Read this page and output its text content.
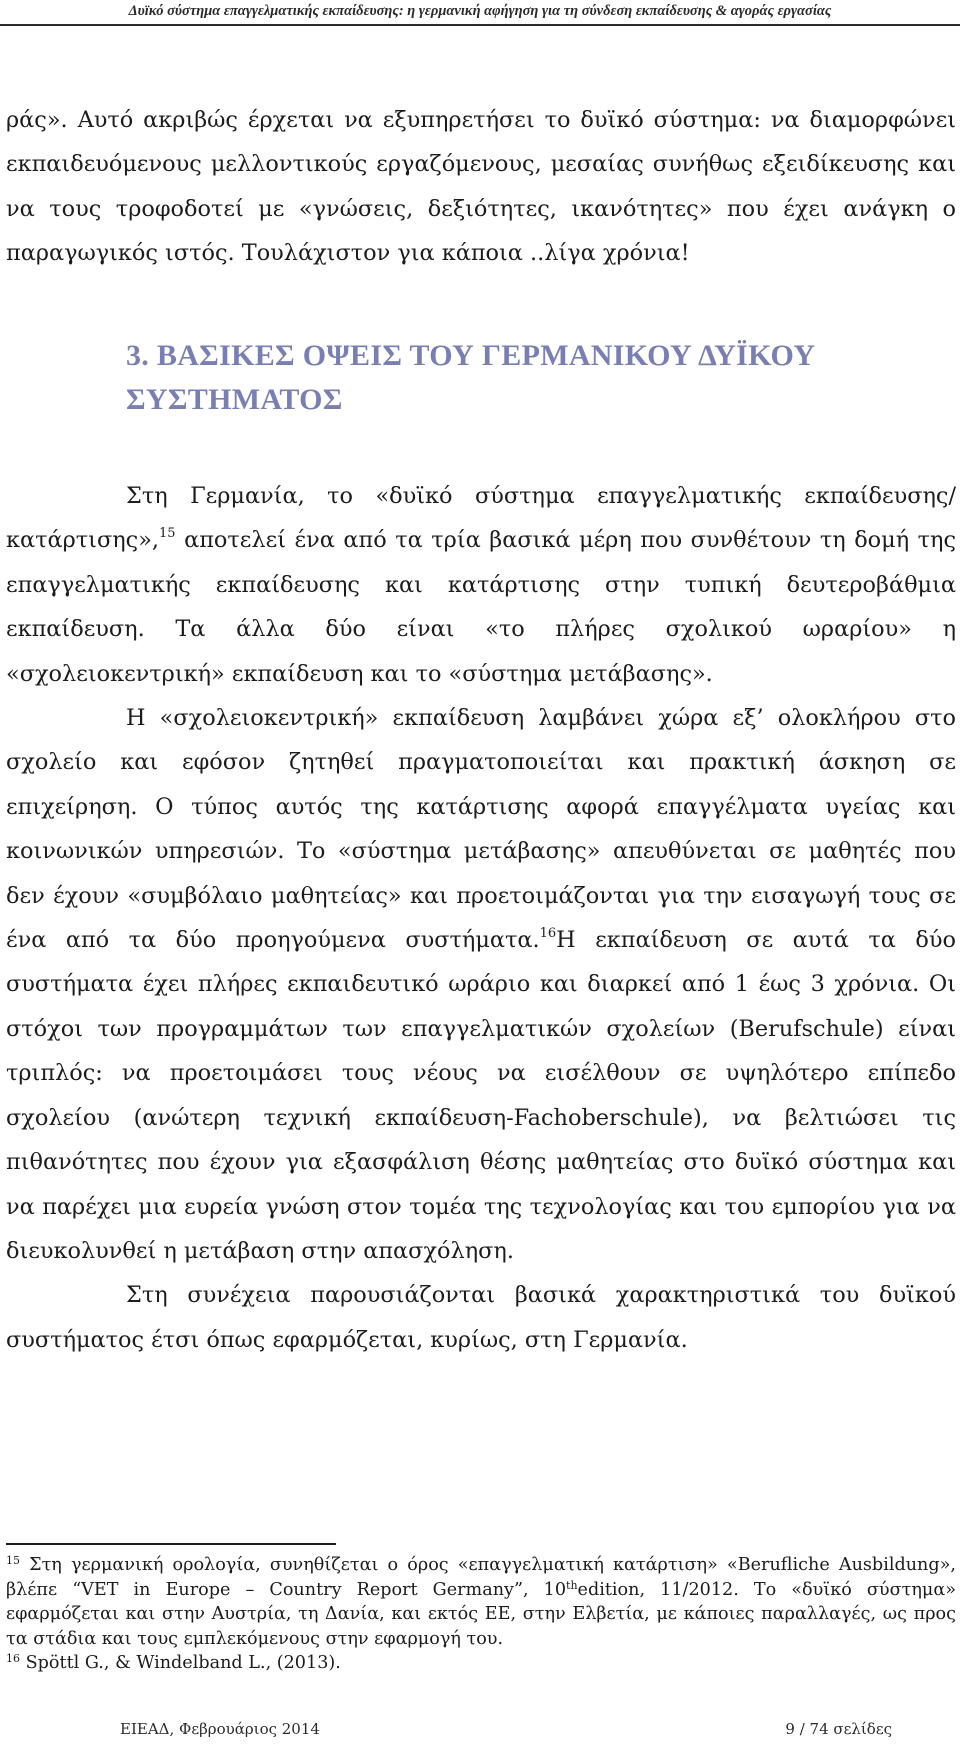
Δυϊκό σύστημα επαγγελματικής εκπαίδευσης: η γερμανική αφήγηση για τη σύνδεση εκπαίδευσης & αγοράς εργασίας

ράς». Αυτό ακριβώς έρχεται να εξυπηρετήσει το δυϊκό σύστημα: να διαμορφώνει εκπαιδευόμενους μελλοντικούς εργαζόμενους, μεσαίας συνήθως εξειδίκευσης και να τους τροφοδοτεί με «γνώσεις, δεξιότητες, ικανότητες» που έχει ανάγκη ο παραγωγικός ιστός. Τουλάχιστον για κάποια ..λίγα χρόνια!

3. ΒΑΣΙΚΕΣ ΟΨΕΙΣ ΤΟΥ ΓΕΡΜΑΝΙΚΟΥ ΔΥΪΚΟΥ ΣΥΣΤΗΜΑΤΟΣ

Στη Γερμανία, το «δυϊκό σύστημα επαγγελματικής εκπαίδευσης/ κατάρτισης»,$^{15}$ αποτελεί ένα από τα τρία βασικά μέρη που συνθέτουν τη δομή της επαγγελματικής εκπαίδευσης και κατάρτισης στην τυπική δευτεροβάθμια εκπαίδευση. Τα άλλα δύο είναι «το πλήρες σχολικού ωραρίου» η «σχολειοκεντρική» εκπαίδευση και το «σύστημα μετάβασης».

Η «σχολειοκεντρική» εκπαίδευση λαμβάνει χώρα εξ’ ολοκλήρου στο σχολείο και εφόσον ζητηθεί πραγματοποιείται και πρακτική άσκηση σε επιχείρηση. Ο τύπος αυτός της κατάρτισης αφορά επαγγέλματα υγείας και κοινωνικών υπηρεσιών. Το «σύστημα μετάβασης» απευθύνεται σε μαθητές που δεν έχουν «συμβόλαιο μαθητείας» και προετοιμάζονται για την εισαγωγή τους σε ένα από τα δύο προηγούμενα συστήματα.$^{16}$Η εκπαίδευση σε αυτά τα δύο συστήματα έχει πλήρες εκπαιδευτικό ωράριο και διαρκεί από 1 έως 3 χρόνια. Οι στόχοι των προγραμμάτων των επαγγελματικών σχολείων (Berufschule) είναι τριπλός: να προετοιμάσει τους νέους να εισέλθουν σε υψηλότερο επίπεδο σχολείου (ανώτερη τεχνική εκπαίδευση-Fachoberschule), να βελτιώσει τις πιθανότητες που έχουν για εξασφάλιση θέσης μαθητείας στο δυϊκό σύστημα και να παρέχει μια ευρεία γνώση στον τομέα της τεχνολογίας και του εμπορίου για να διευκολυνθεί η μετάβαση στην απασχόληση.

Στη συνέχεια παρουσιάζονται βασικά χαρακτηριστικά του δυϊκού συστήματος έτσι όπως εφαρμόζεται, κυρίως, στη Γερμανία.

$^{15}$ Στη γερμανική ορολογία, συνηθίζεται ο όρος «επαγγελματική κατάρτιση» «Berufliche Ausbildung», βλέπε “VET in Europe – Country Report Germany”, 10thedition, 11/2012. Το «δυϊκό σύστημα» εφαρμόζεται και στην Αυστρία, τη Δανία, και εκτός ΕΕ, στην Ελβετία, με κάποιες παραλλαγές, ως προς τα στάδια και τους εμπλεκόμενους στην εφαρμογή του.

$^{16}$ Spöttl G., & Windelband L., (2013).

ΕΙΕΑΔ, Φεβρουάριος 2014	9 / 74 σελίδες
